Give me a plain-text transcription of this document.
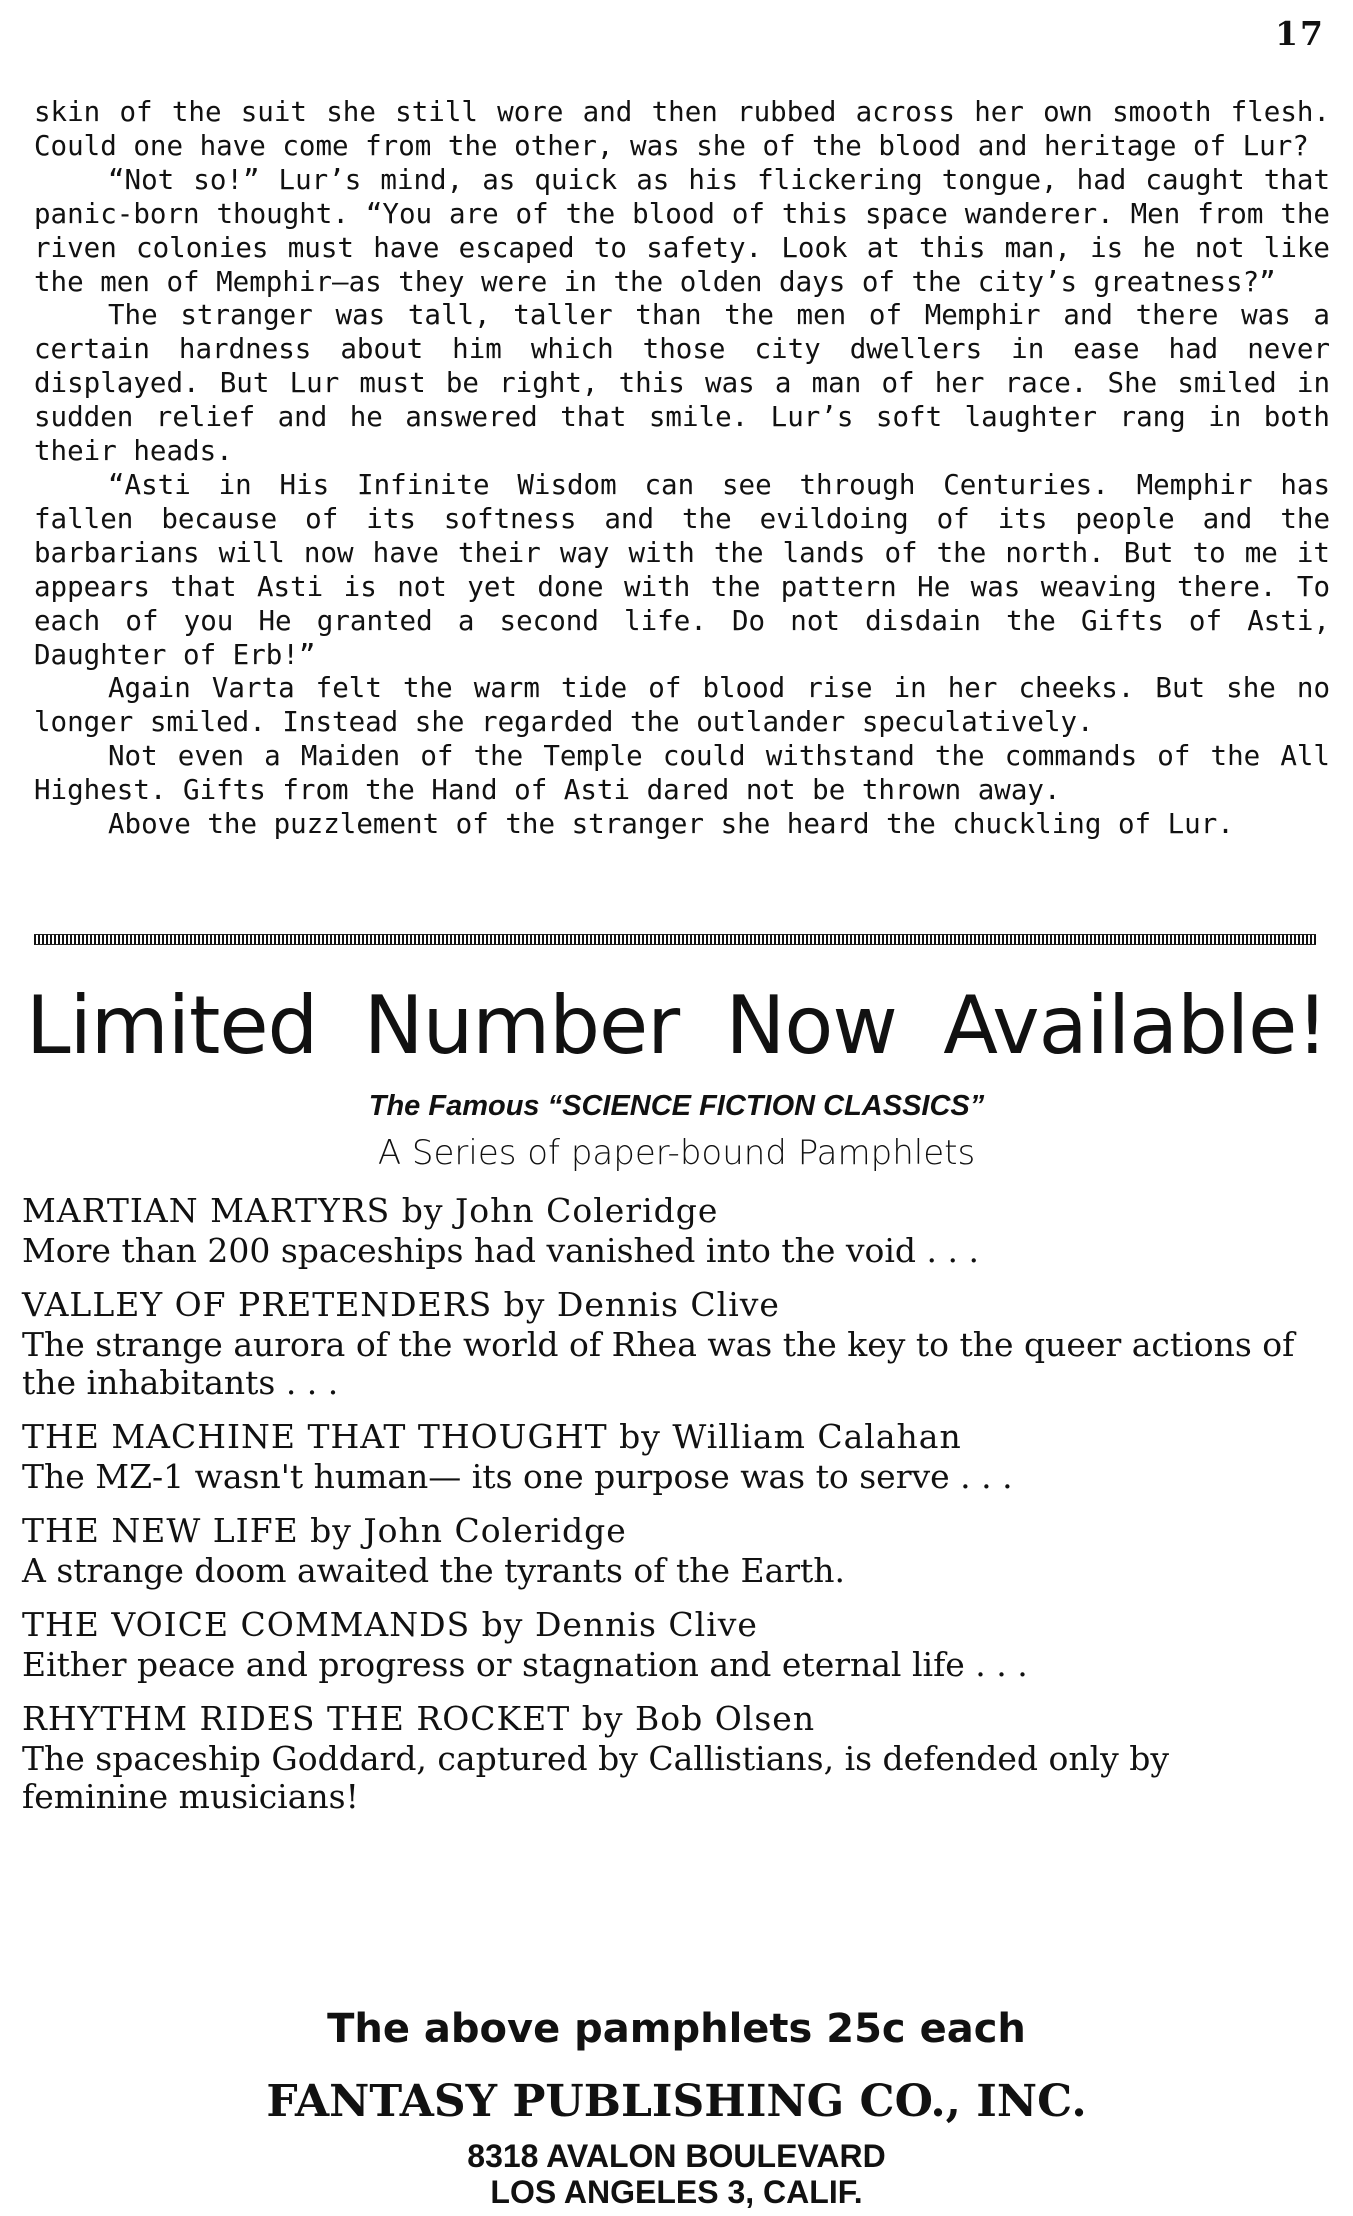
17

skin of the suit she still wore and then rubbed across her own smooth flesh. Could one have come from the other, was she of the blood and heritage of Lur?

“Not so!” Lur’s mind, as quick as his flickering tongue, had caught that panic-born thought. “You are of the blood of this space wanderer. Men from the riven colonies must have escaped to safety. Look at this man, is he not like the men of Memphir—as they were in the olden days of the city’s greatness?”

The stranger was tall, taller than the men of Memphir and there was a certain hardness about him which those city dwellers in ease had never displayed. But Lur must be right, this was a man of her race. She smiled in sudden relief and he answered that smile. Lur’s soft laughter rang in both their heads.

“Asti in His Infinite Wisdom can see through Centuries. Memphir has fallen because of its softness and the evildoing of its people and the barbarians will now have their way with the lands of the north. But to me it appears that Asti is not yet done with the pattern He was weaving there. To each of you He granted a second life. Do not disdain the Gifts of Asti, Daughter of Erb!”

Again Varta felt the warm tide of blood rise in her cheeks. But she no longer smiled. Instead she regarded the outlander speculatively.

Not even a Maiden of the Temple could withstand the commands of the All Highest. Gifts from the Hand of Asti dared not be thrown away.

Above the puzzlement of the stranger she heard the chuckling of Lur.

Limited Number Now Available!
The Famous “SCIENCE FICTION CLASSICS”
A Series of paper-bound Pamphlets
MARTIAN MARTYRS by John Coleridge
More than 200 spaceships had vanished into the void . . .
VALLEY OF PRETENDERS by Dennis Clive
The strange aurora of the world of Rhea was the key to the queer actions of the inhabitants . . .
THE MACHINE THAT THOUGHT by William Calahan
The MZ-1 wasn't human— its one purpose was to serve . . .
THE NEW LIFE by John Coleridge
A strange doom awaited the tyrants of the Earth.
THE VOICE COMMANDS by Dennis Clive
Either peace and progress or stagnation and eternal life . . .
RHYTHM RIDES THE ROCKET by Bob Olsen
The spaceship Goddard, captured by Callistians, is defended only by feminine musicians!
The above pamphlets 25c each
FANTASY PUBLISHING CO., INC.
8318 AVALON BOULEVARD
LOS ANGELES 3, CALIF.
